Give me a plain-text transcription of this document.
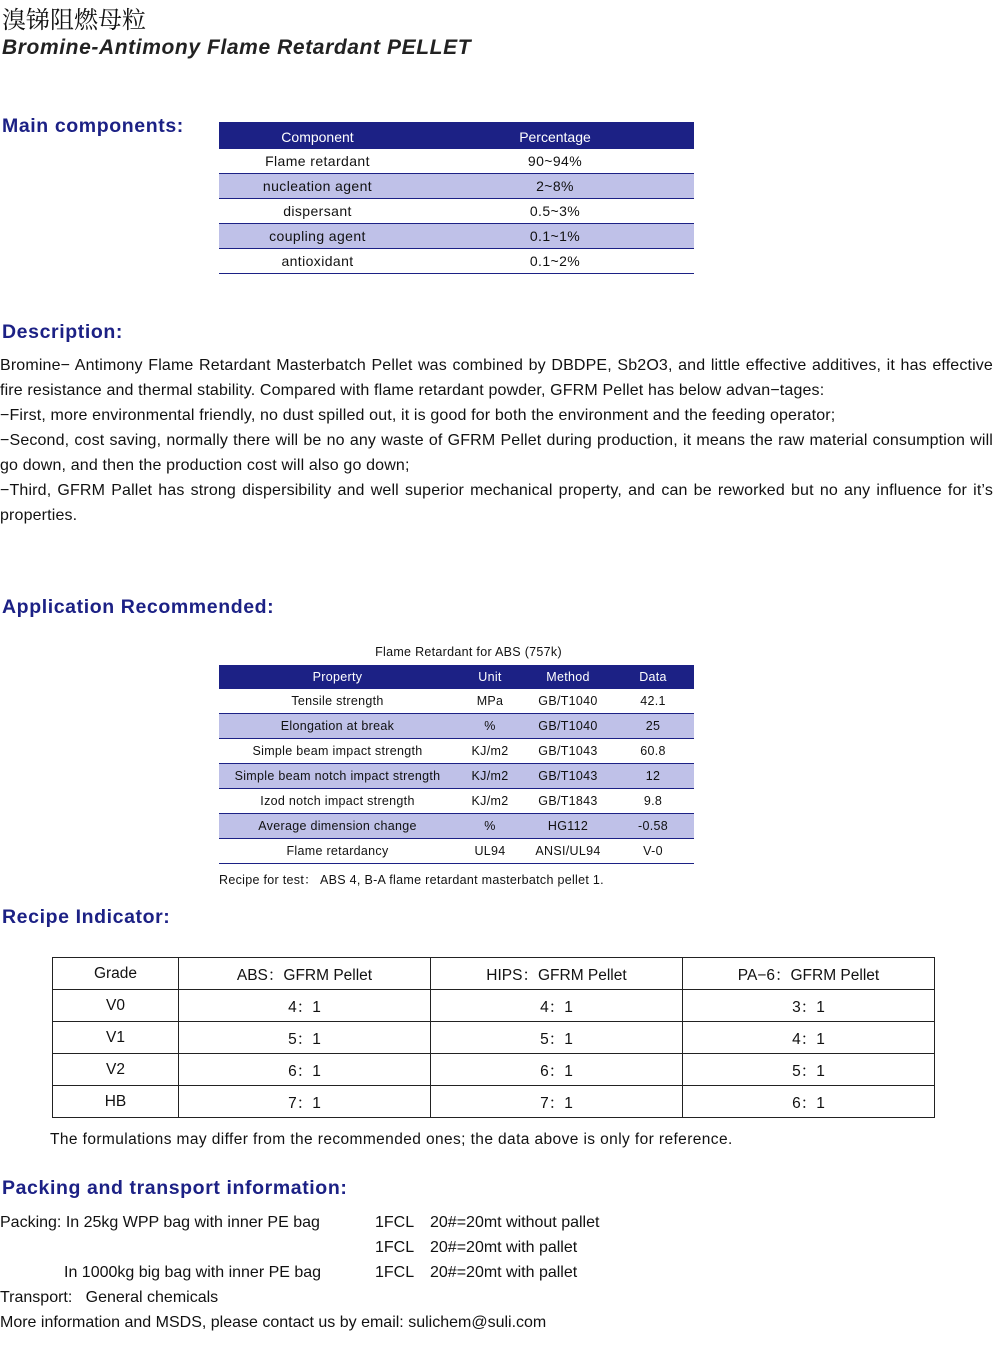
溴锑阻燃母粒
Bromine-Antimony Flame Retardant PELLET
Main components:	Component	Percentage
Flame retardant	90~94%
nucleation agent	2~8%
dispersant	0.5~3%
coupling agent	0.1~1%
antioxidant	0.1~2%
Description:

Bromine− Antimony Flame Retardant Masterbatch Pellet was combined by DBDPE, Sb2O3, and little effective additives, it has effective fire resistance and thermal stability. Compared with flame retardant powder, GFRM Pellet has below advan−tages:

−First, more environmental friendly, no dust spilled out, it is good for both the environment and the feeding operator;

−Second, cost saving, normally there will be no any waste of GFRM Pellet during production, it means the raw material consumption will go down, and then the production cost will also go down;

−Third, GFRM Pallet has strong dispersibility and well superior mechanical property, and can be reworked but no any influence for it’s properties.

Application Recommended:
Flame Retardant for ABS (757k)
Property	Unit	Method	Data
Tensile strength	MPa	GB/T1040	42.1
Elongation at break	%	GB/T1040	25
Simple beam impact strength	KJ/m2	GB/T1043	60.8
Simple beam notch impact strength	KJ/m2	GB/T1043	12
Izod notch impact strength	KJ/m2	GB/T1843	9.8
Average dimension change	%	HG112	-0.58
Flame retardancy	UL94	ANSI/UL94	V-0
Recipe for test： ABS 4, B-A flame retardant masterbatch pellet 1.
Recipe Indicator:
Grade	ABS：GFRM Pellet	HIPS：GFRM Pellet	PA−6：GFRM Pellet
V0	4：1	4：1	3：1
V1	5：1	5：1	4：1
V2	6：1	6：1	5：1
HB	7：1	7：1	6：1
The formulations may differ from the recommended ones; the data above is only for reference.
Packing and transport information:
Packing: In 25kg WPP bag with inner PE bag	1FCL 20#=20mt without pallet
1FCL 20#=20mt with pallet
In 1000kg big bag with inner PE bag	1FCL 20#=20mt with pallet
Transport:   General chemicals
More information and MSDS, please contact us by email: sulichem@suli.com
